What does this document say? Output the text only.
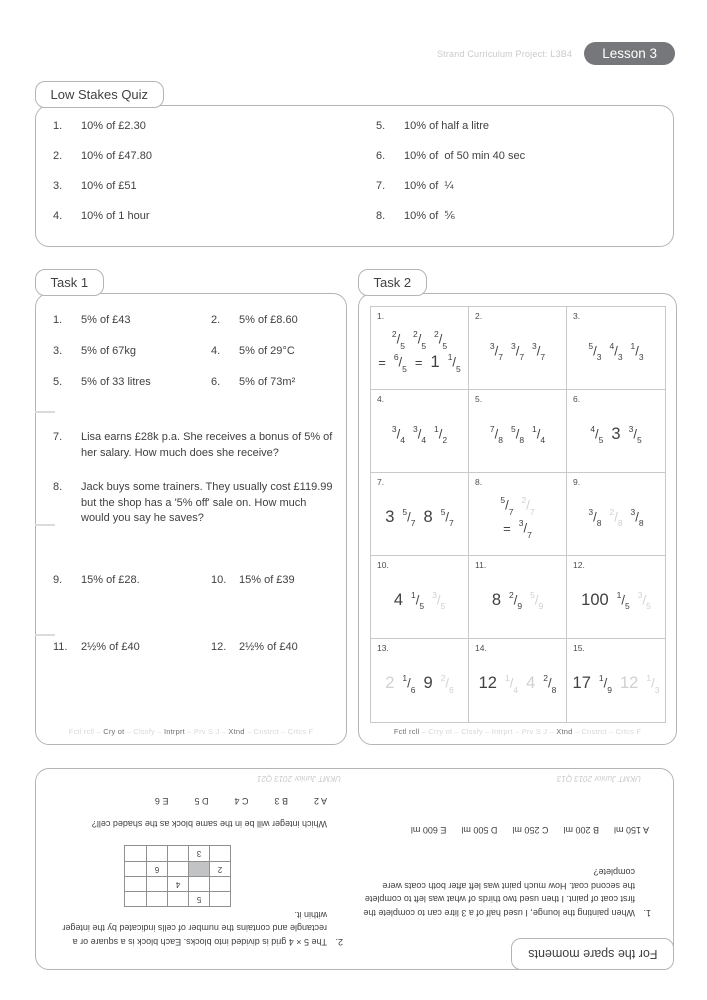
Strand Curriculum Project: L3B4	Lesson 3
Low Stakes Quiz
1.	10% of £2.30
2.	10% of £47.80
3.	10% of £51
4.	10% of 1 hour
5.	10% of half a litre
6.	10% of  of 50 min 40 sec
7.	10% of  ¼
8.	10% of  ⅚
Task 1
1.	5% of £43	2.	5% of £8.60
3.	5% of 67kg	4.	5% of 29°C
5.	5% of 33 litres	6.	5% of 73m²
7.	Lisa earns £28k p.a. She receives a bonus of 5% of her salary. How much does she receive?
8.	Jack buys some trainers. They usually cost £119.99 but the shop has a '5% off' sale on. How much would you say he saves?
9.	15% of £28.	10.	15% of £39
11.	2½% of £40	12.	2½% of £40
Fctl rcll – Cry ot – Clssfy – Intrprt – Prv S J – Xtnd – Cnstrct – Crtcs F
Task 2
1.
$^2/_5$
$^2/_5$
$^2/_5$
= $^6/_5 = 1$ $^1/_5$
2.
$^3/_7$
$^3/_7$
$^3/_7$
3.
$^5/_3$
$^4/_3$
$^1/_3$
4.
$^3/_4$
$^3/_4$
$^1/_2$
5.
$^7/_8$
$^5/_8$
$^1/_4$
6.
$^4/_5$ 3 $^3/_5$
7.
3 $^5/_7$ 8 $^5/_7$
8.
$^5/_7$
$^2/_7$
= $^3/_7$
9.
$^3/_8$
$^2/_8$
$^3/_8$
10.
4 $^1/_5$
$^3/_5$
11.
8 $^2/_9$
$^5/_9$
12.
100 $^1/_5$
$^3/_5$
13.
2 $^1/_6$ 9 $^2/_6$
14.
12 $^1/_4$ 4 $^2/_8$
15.
17 $^1/_9$ 12 $^1/_3$
Fctl rcll – Crry ot – Clssfy – Intrprt – Prv S J – Xtnd – Cnstrct – Crtcs F
For the spare moments
1.
When painting the lounge, I used half of a 3 litre can to complete the first coat of paint. I then used two thirds of what was left to complete the second coat. How much paint was left after both coats were complete?
A 150 ml
B 200 ml
C 250 ml
D 500 ml
E 600 ml
UKMT Junior 2013 Q13
2.
The 5 × 4 grid is divided into blocks. Each block is a square or a rectangle and contains the number of cells indicated by the integer within it.
5
4
2
6
3
Which integer will be in the same block as the shaded cell?
A 2
B 3
C 4
D 5
E 6
UKMT Junior 2013 Q21
